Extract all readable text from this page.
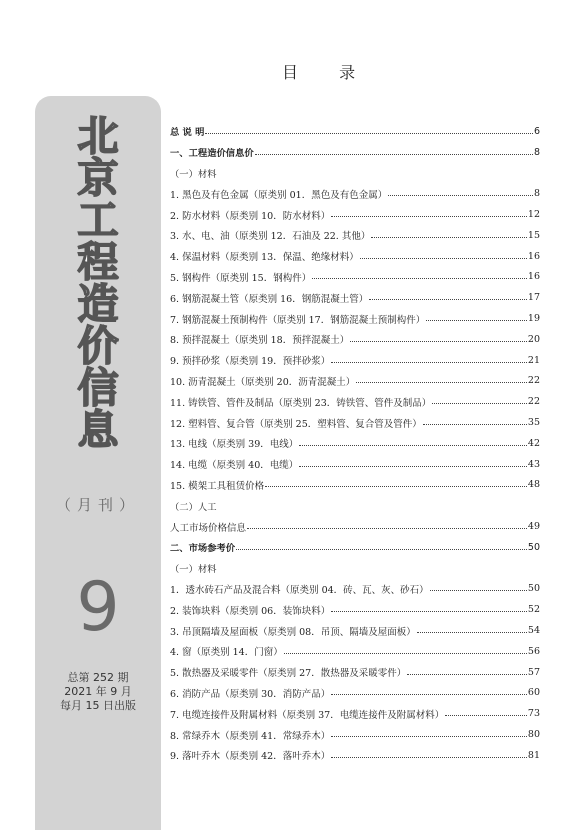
目 录
北
京
工
程
造
价
信
息
（月刊）
9
总第 252 期
2021 年 9 月
每月 15 日出版
总 说 明	6
一、工程造价信息价	8
（一）材料
1. 黑色及有色金属（原类别 01．黑色及有色金属）	8
2. 防水材料（原类别 10．防水材料）	12
3. 水、电、油（原类别 12．石油及 22. 其他）	15
4. 保温材料（原类别 13．保温、绝缘材料）	16
5. 钢构件（原类别 15．钢构件）	16
6. 钢筋混凝土管（原类别 16．钢筋混凝土管）	17
7. 钢筋混凝土预制构件（原类别 17．钢筋混凝土预制构件）	19
8. 预拌混凝土（原类别 18．预拌混凝土）	20
9. 预拌砂浆（原类别 19．预拌砂浆）	21
10. 沥青混凝土（原类别 20．沥青混凝土）	22
11. 铸铁管、管件及制品（原类别 23．铸铁管、管件及制品）	22
12. 塑料管、复合管（原类别 25．塑料管、复合管及管件）	35
13. 电线（原类别 39．电线）	42
14. 电缆（原类别 40．电缆）	43
15. 模架工具租赁价格	48
（二）人工
人工市场价格信息	49
二、市场参考价	50
（一）材料
1．透水砖石产品及混合料（原类别 04．砖、瓦、灰、砂石）	50
2. 装饰块料（原类别 06．装饰块料）	52
3. 吊顶隔墙及屋面板（原类别 08．吊顶、隔墙及屋面板）	54
4. 窗（原类别 14．门窗）	56
5. 散热器及采暖零件（原类别 27．散热器及采暖零件）	57
6. 消防产品（原类别 30．消防产品）	60
7. 电缆连接件及附属材料（原类别 37．电缆连接件及附属材料）	73
8. 常绿乔木（原类别 41．常绿乔木）	80
9. 落叶乔木（原类别 42．落叶乔木）	81
